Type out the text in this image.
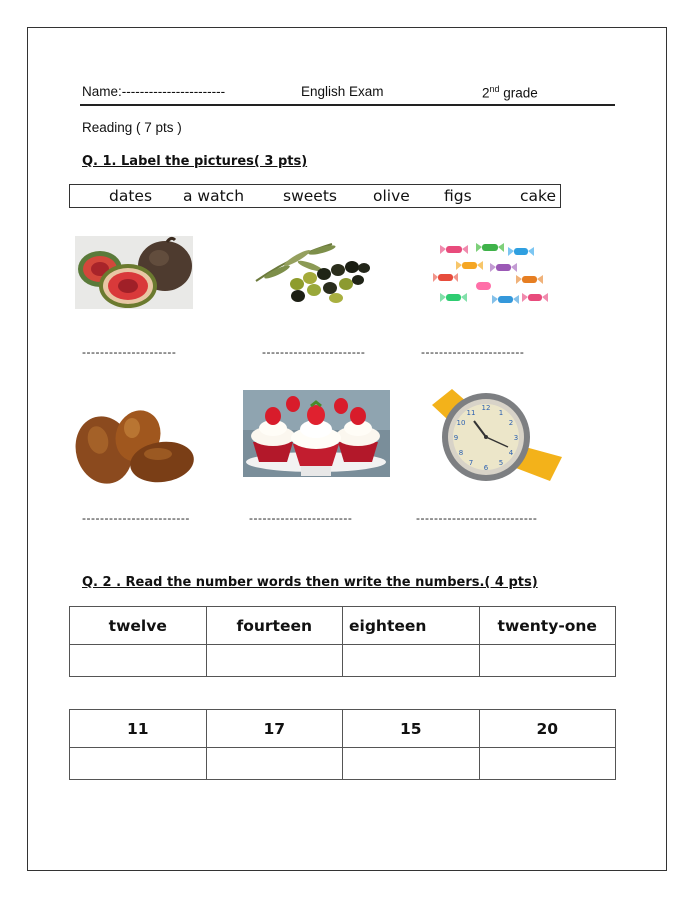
Name:-----------------------	English Exam	2nd grade
Reading ( 7 pts )
Q. 1. Label the pictures( 3 pts)
dates a watch	sweets olive figs	cake
---------------------	-----------------------	-----------------------
12
6
9	3
1
2
4
5
7
8
10
11
------------------------	-----------------------	---------------------------
Q. 2 . Read the number words then write the numbers.( 4 pts)
twelve	fourteen	eighteen	twenty-one

11	17	15	20
